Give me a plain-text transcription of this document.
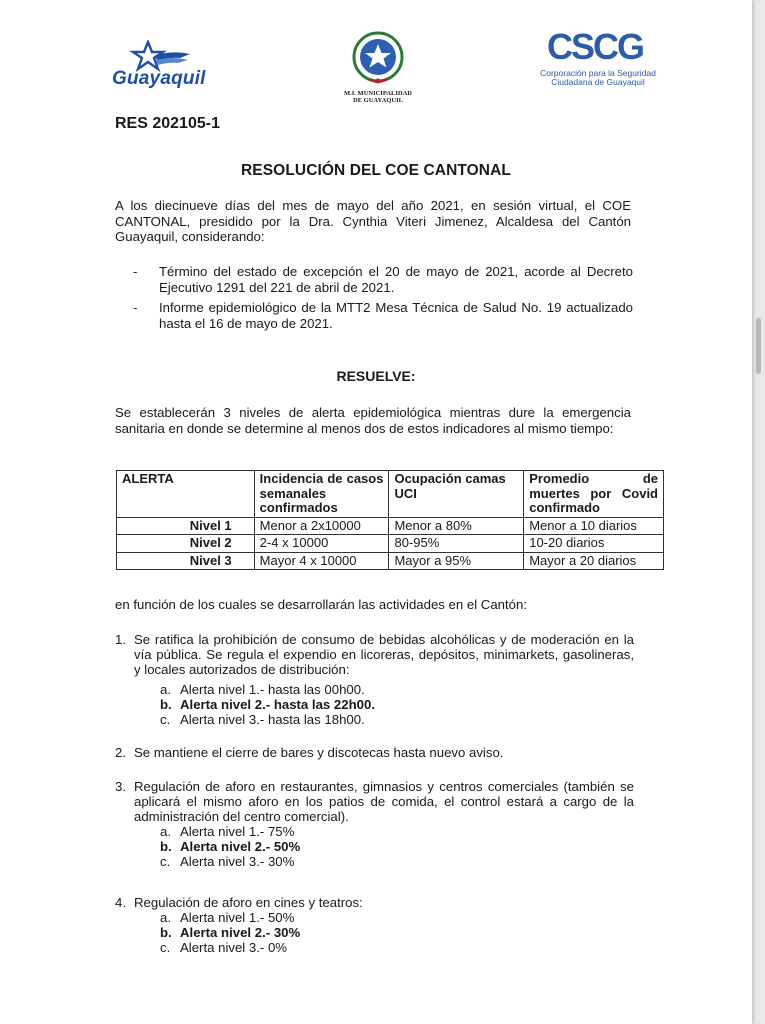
Guayaquil
M.I. MUNICIPALIDAD
DE GUAYAQUIL
CSCG
Corporación para la Seguridad
Ciudadana de Guayaquil
RES 202105-1
RESOLUCIÓN DEL COE CANTONAL
A los diecinueve días del mes de mayo del año 2021, en sesión virtual, el COE CANTONAL, presidido por la Dra. Cynthia Viteri Jimenez, Alcaldesa del Cantón Guayaquil, considerando:
- Término del estado de excepción el 20 de mayo de 2021, acorde al Decreto Ejecutivo 1291 del 221 de abril de 2021.
- Informe epidemiológico de la MTT2 Mesa Técnica de Salud No. 19 actualizado hasta el 16 de mayo de 2021.
RESUELVE:
Se establecerán 3 niveles de alerta epidemiológica mientras dure la emergencia sanitaria en donde se determine al menos dos de estos indicadores al mismo tiempo:
ALERTA	Incidencia de casos semanales confirmados	Ocupación camas UCI	Promedio de muertes por Covid confirmado
Nivel 1	Menor a 2x10000	Menor a 80%	Menor a 10 diarios
Nivel 2	2-4 x 10000	80-95%	10-20 diarios
Nivel 3	Mayor 4 x 10000	Mayor a 95%	Mayor a 20 diarios
en función de los cuales se desarrollarán las actividades en el Cantón:
1. Se ratifica la prohibición de consumo de bebidas alcohólicas y de moderación en la vía pública. Se regula el expendio en licoreras, depósitos, minimarkets, gasolineras, y locales autorizados de distribución:
a. Alerta nivel 1.- hasta las 00h00.
b. Alerta nivel 2.- hasta las 22h00.
c. Alerta nivel 3.- hasta las 18h00.
2. Se mantiene el cierre de bares y discotecas hasta nuevo aviso.
3. Regulación de aforo en restaurantes, gimnasios y centros comerciales (también se aplicará el mismo aforo en los patios de comida, el control estará a cargo de la administración del centro comercial).
a. Alerta nivel 1.- 75%
b. Alerta nivel 2.- 50%
c. Alerta nivel 3.- 30%
4. Regulación de aforo en cines y teatros:
a. Alerta nivel 1.- 50%
b. Alerta nivel 2.- 30%
c. Alerta nivel 3.- 0%
